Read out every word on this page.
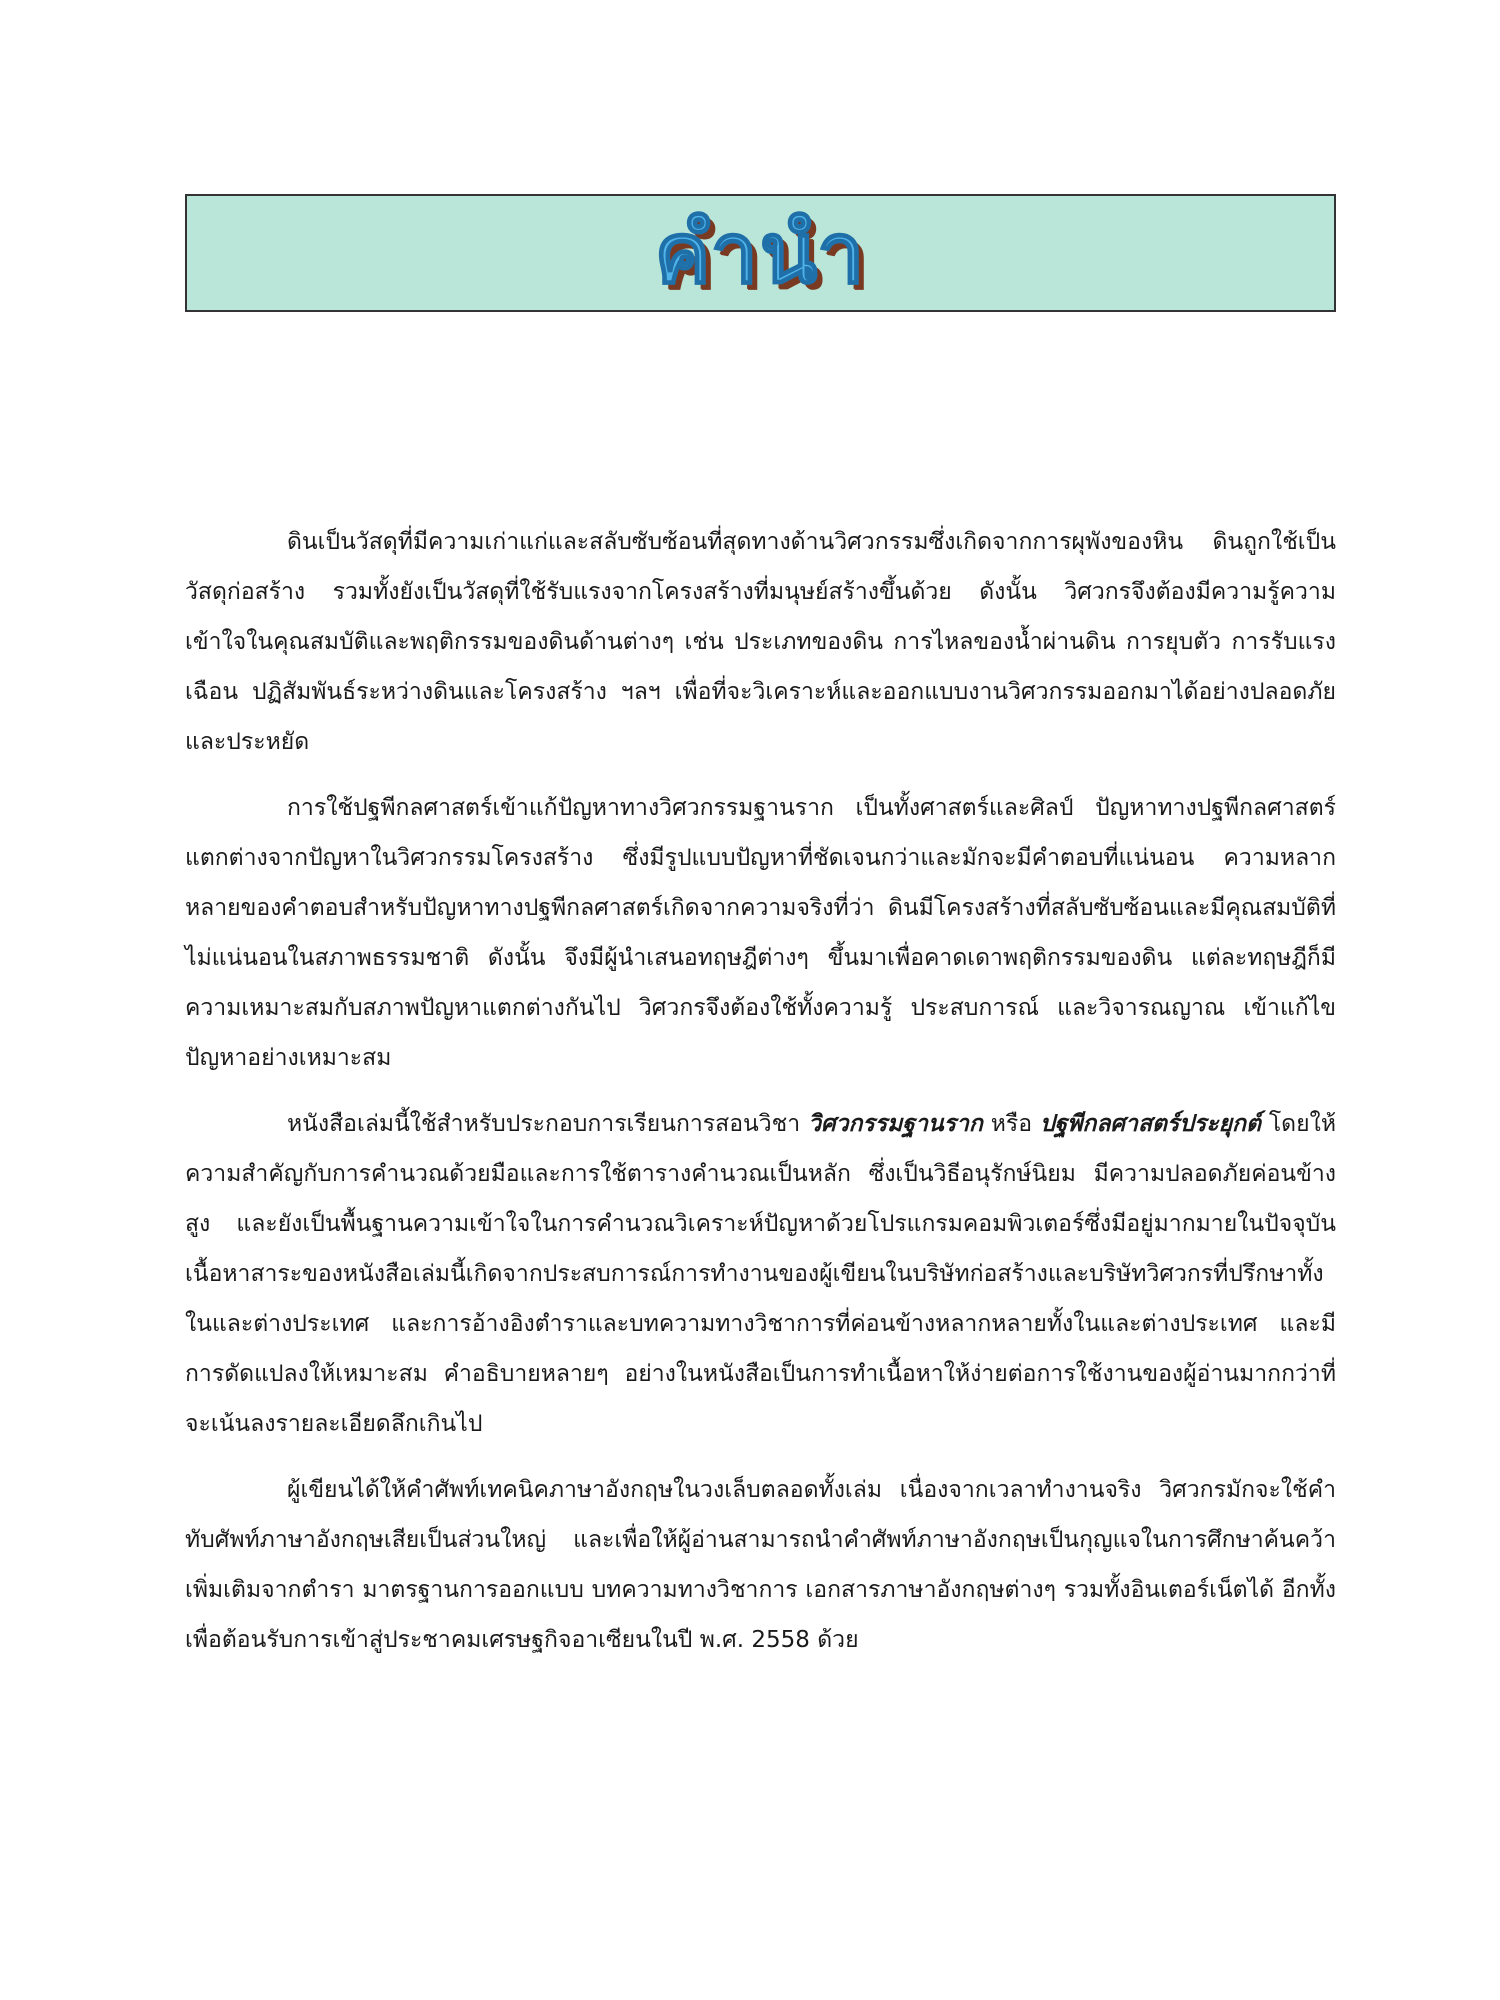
คำนำ

ดินเป็นวัสดุที่มีความเก่าแก่และสลับซับซ้อนที่สุดทางด้านวิศวกรรมซึ่งเกิดจากการผุพังของหิน ดินถูกใช้เป็นวัสดุก่อสร้าง รวมทั้งยังเป็นวัสดุที่ใช้รับแรงจากโครงสร้างที่มนุษย์สร้างขึ้นด้วย ดังนั้น วิศวกรจึงต้องมีความรู้ความเข้าใจในคุณสมบัติและพฤติกรรมของดินด้านต่างๆ เช่น ประเภทของดิน การไหลของน้ำผ่านดิน การยุบตัว การรับแรงเฉือน ปฏิสัมพันธ์ระหว่างดินและโครงสร้าง ฯลฯ เพื่อที่จะวิเคราะห์และออกแบบงานวิศวกรรมออกมาได้อย่างปลอดภัยและประหยัด

การใช้ปฐพีกลศาสตร์เข้าแก้ปัญหาทางวิศวกรรมฐานราก เป็นทั้งศาสตร์และศิลป์ ปัญหาทางปฐพีกลศาสตร์แตกต่างจากปัญหาในวิศวกรรมโครงสร้าง ซึ่งมีรูปแบบปัญหาที่ชัดเจนกว่าและมักจะมีคำตอบที่แน่นอน ความหลากหลายของคำตอบสำหรับปัญหาทางปฐพีกลศาสตร์เกิดจากความจริงที่ว่า ดินมีโครงสร้างที่สลับซับซ้อนและมีคุณสมบัติที่ไม่แน่นอนในสภาพธรรมชาติ ดังนั้น จึงมีผู้นำเสนอทฤษฎีต่างๆ ขึ้นมาเพื่อคาดเดาพฤติกรรมของดิน แต่ละทฤษฎีก็มีความเหมาะสมกับสภาพปัญหาแตกต่างกันไป วิศวกรจึงต้องใช้ทั้งความรู้ ประสบการณ์ และวิจารณญาณ เข้าแก้ไขปัญหาอย่างเหมาะสม

หนังสือเล่มนี้ใช้สำหรับประกอบการเรียนการสอนวิชา วิศวกรรมฐานราก หรือ ปฐพีกลศาสตร์ประยุกต์ โดยให้ความสำคัญกับการคำนวณด้วยมือและการใช้ตารางคำนวณเป็นหลัก ซึ่งเป็นวิธีอนุรักษ์นิยม มีความปลอดภัยค่อนข้างสูง และยังเป็นพื้นฐานความเข้าใจในการคำนวณวิเคราะห์ปัญหาด้วยโปรแกรมคอมพิวเตอร์ซึ่งมีอยู่มากมายในปัจจุบัน เนื้อหาสาระของหนังสือเล่มนี้เกิดจากประสบการณ์การทำงานของผู้เขียนในบริษัทก่อสร้างและบริษัทวิศวกรที่ปรึกษาทั้งในและต่างประเทศ และการอ้างอิงตำราและบทความทางวิชาการที่ค่อนข้างหลากหลายทั้งในและต่างประเทศ และมีการดัดแปลงให้เหมาะสม คำอธิบายหลายๆ อย่างในหนังสือเป็นการทำเนื้อหาให้ง่ายต่อการใช้งานของผู้อ่านมากกว่าที่จะเน้นลงรายละเอียดลึกเกินไป

ผู้เขียนได้ให้คำศัพท์เทคนิคภาษาอังกฤษในวงเล็บตลอดทั้งเล่ม เนื่องจากเวลาทำงานจริง วิศวกรมักจะใช้คำทับศัพท์ภาษาอังกฤษเสียเป็นส่วนใหญ่ และเพื่อให้ผู้อ่านสามารถนำคำศัพท์ภาษาอังกฤษเป็นกุญแจในการศึกษาค้นคว้าเพิ่มเติมจากตำรา มาตรฐานการออกแบบ บทความทางวิชาการ เอกสารภาษาอังกฤษต่างๆ รวมทั้งอินเตอร์เน็ตได้ อีกทั้งเพื่อต้อนรับการเข้าสู่ประชาคมเศรษฐกิจอาเซียนในปี พ.ศ. 2558 ด้วย
